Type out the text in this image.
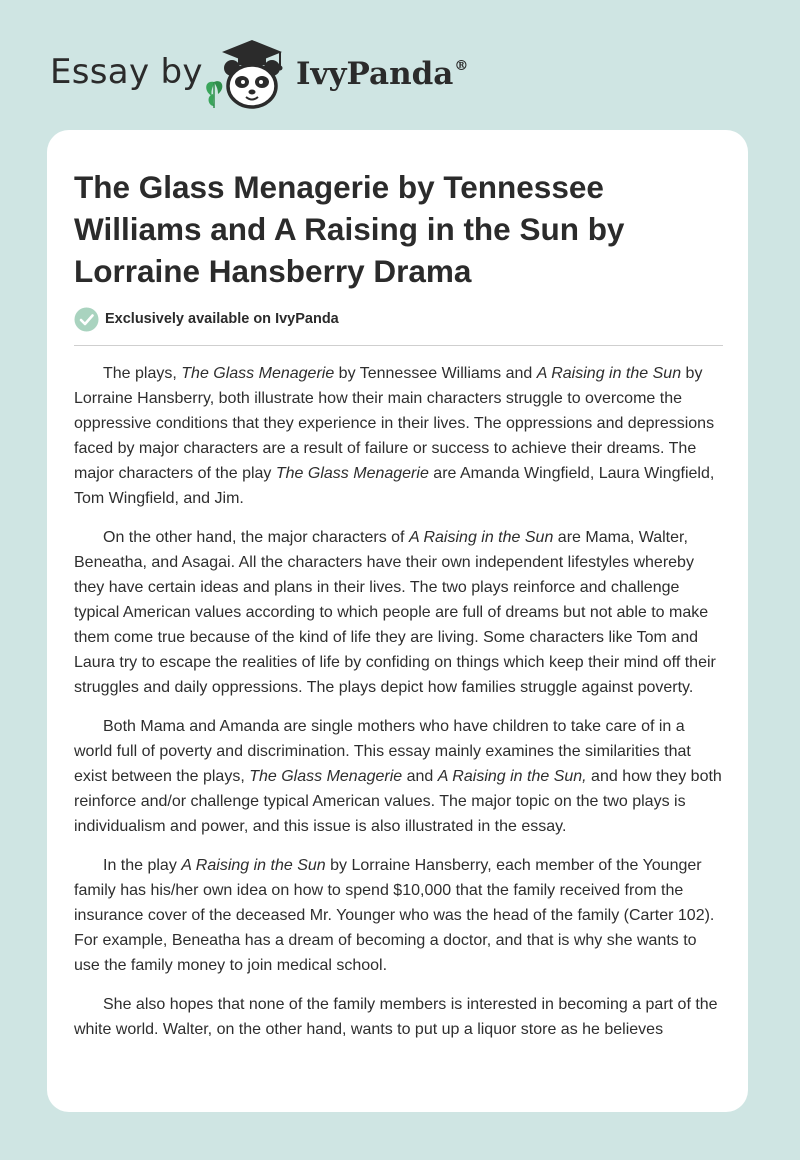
Essay by	IvyPanda®
The Glass Menagerie by Tennessee Williams and A Raising in the Sun by Lorraine Hansberry Drama
Exclusively available on IvyPanda

The plays, The Glass Menagerie by Tennessee Williams and A Raising in the Sun by Lorraine Hansberry, both illustrate how their main characters struggle to overcome the oppressive conditions that they experience in their lives. The oppressions and depressions faced by major characters are a result of failure or success to achieve their dreams. The major characters of the play The Glass Menagerie are Amanda Wingfield, Laura Wingfield, Tom Wingfield, and Jim.

On the other hand, the major characters of A Raising in the Sun are Mama, Walter, Beneatha, and Asagai. All the characters have their own independent lifestyles whereby they have certain ideas and plans in their lives. The two plays reinforce and challenge typical American values according to which people are full of dreams but not able to make them come true because of the kind of life they are living. Some characters like Tom and Laura try to escape the realities of life by confiding on things which keep their mind off their struggles and daily oppressions. The plays depict how families struggle against poverty.

Both Mama and Amanda are single mothers who have children to take care of in a world full of poverty and discrimination. This essay mainly examines the similarities that exist between the plays, The Glass Menagerie and A Raising in the Sun, and how they both reinforce and/or challenge typical American values. The major topic on the two plays is individualism and power, and this issue is also illustrated in the essay.

In the play A Raising in the Sun by Lorraine Hansberry, each member of the Younger family has his/her own idea on how to spend $10,000 that the family received from the insurance cover of the deceased Mr. Younger who was the head of the family (Carter 102). For example, Beneatha has a dream of becoming a doctor, and that is why she wants to use the family money to join medical school.

She also hopes that none of the family members is interested in becoming a part of the white world. Walter, on the other hand, wants to put up a liquor store as he believes
